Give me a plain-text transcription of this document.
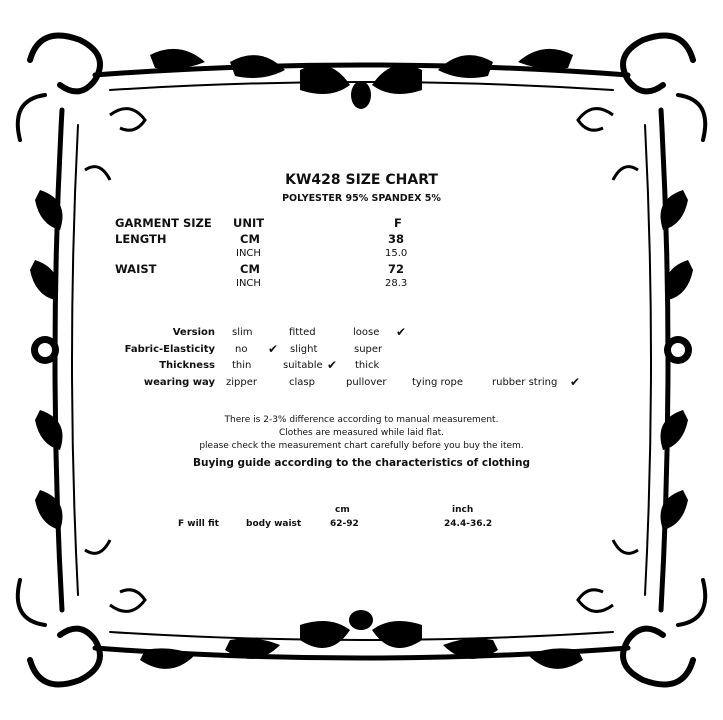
KW428 SIZE CHART
POLYESTER 95% SPANDEX 5%
GARMENT SIZE UNIT	F
LENGTH	CM	38
INCH	15.0
WAIST	CM	72
INCH	28.3
Version slim	fitted	loose ✔
Fabric-Elasticity no ✔ slight	super
Thickness thin	suitable ✔ thick
wearing way zipper	clasp	pullover	tying rope	rubber string ✔
There is 2-3% difference according to manual measurement.
Clothes are measured while laid flat.
please check the measurement chart carefully before you buy the item.
Buying guide according to the characteristics of clothing
cm	inch
F will fit	body waist	62-92	24.4-36.2
